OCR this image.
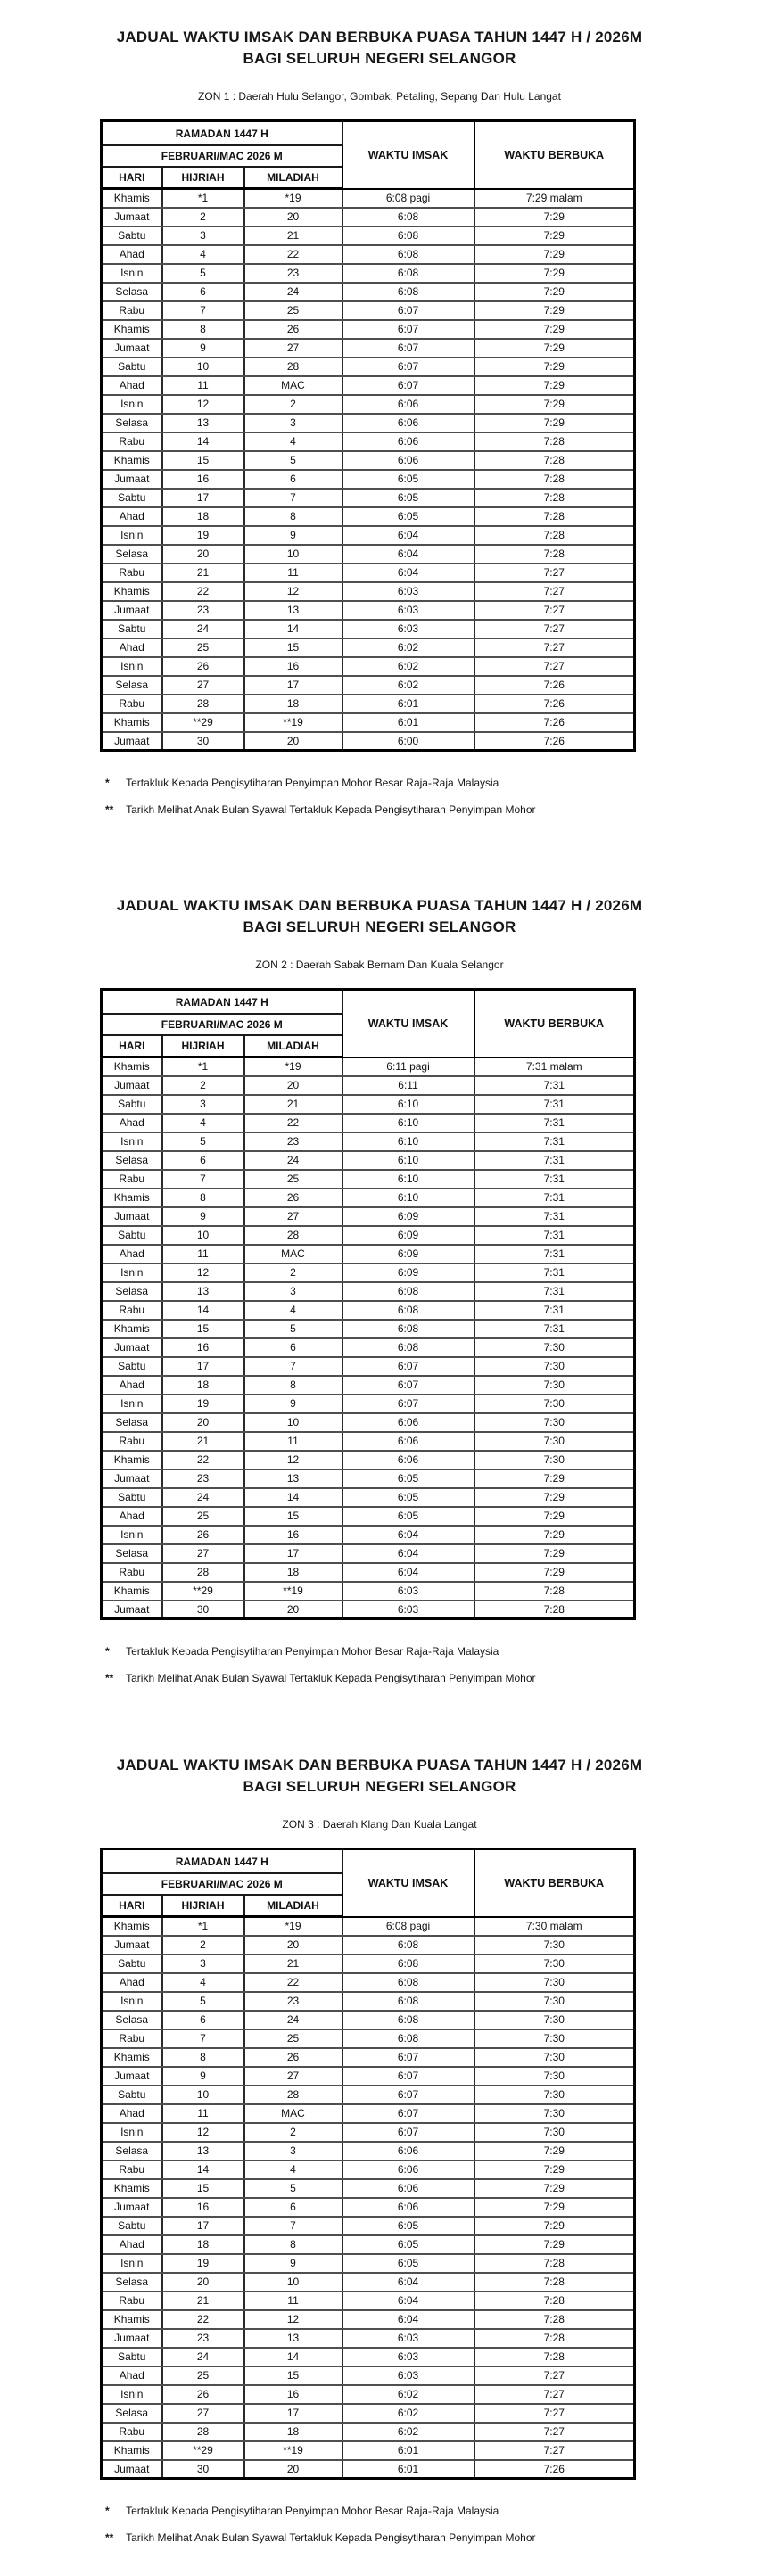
JADUAL WAKTU IMSAK DAN BERBUKA PUASA TAHUN 1447 H / 2026M
BAGI SELURUH NEGERI SELANGOR
ZON 1 : Daerah Hulu Selangor, Gombak, Petaling, Sepang Dan Hulu Langat
RAMADAN 1447 H			WAKTU IMSAK	WAKTU BERBUKA
FEBRUARI/MAC 2026 M				
HARI	HIJRIAH	MILADIAH		
Khamis	*1	*19	6:08 pagi	7:29 malam
Jumaat	2	20	6:08	7:29
Sabtu	3	21	6:08	7:29
Ahad	4	22	6:08	7:29
Isnin	5	23	6:08	7:29
Selasa	6	24	6:08	7:29
Rabu	7	25	6:07	7:29
Khamis	8	26	6:07	7:29
Jumaat	9	27	6:07	7:29
Sabtu	10	28	6:07	7:29
Ahad	11	MAC	6:07	7:29
Isnin	12	2	6:06	7:29
Selasa	13	3	6:06	7:29
Rabu	14	4	6:06	7:28
Khamis	15	5	6:06	7:28
Jumaat	16	6	6:05	7:28
Sabtu	17	7	6:05	7:28
Ahad	18	8	6:05	7:28
Isnin	19	9	6:04	7:28
Selasa	20	10	6:04	7:28
Rabu	21	11	6:04	7:27
Khamis	22	12	6:03	7:27
Jumaat	23	13	6:03	7:27
Sabtu	24	14	6:03	7:27
Ahad	25	15	6:02	7:27
Isnin	26	16	6:02	7:27
Selasa	27	17	6:02	7:26
Rabu	28	18	6:01	7:26
Khamis	**29	**19	6:01	7:26
Jumaat	30	20	6:00	7:26
* Tertakluk Kepada Pengisytiharan Penyimpan Mohor Besar Raja-Raja Malaysia
** Tarikh Melihat Anak Bulan Syawal Tertakluk Kepada Pengisytiharan Penyimpan Mohor
JADUAL WAKTU IMSAK DAN BERBUKA PUASA TAHUN 1447 H / 2026M
BAGI SELURUH NEGERI SELANGOR
ZON 2 : Daerah Sabak Bernam Dan Kuala Selangor
RAMADAN 1447 H			WAKTU IMSAK	WAKTU BERBUKA
FEBRUARI/MAC 2026 M				
HARI	HIJRIAH	MILADIAH		
Khamis	*1	*19	6:11 pagi	7:31 malam
Jumaat	2	20	6:11	7:31
Sabtu	3	21	6:10	7:31
Ahad	4	22	6:10	7:31
Isnin	5	23	6:10	7:31
Selasa	6	24	6:10	7:31
Rabu	7	25	6:10	7:31
Khamis	8	26	6:10	7:31
Jumaat	9	27	6:09	7:31
Sabtu	10	28	6:09	7:31
Ahad	11	MAC	6:09	7:31
Isnin	12	2	6:09	7:31
Selasa	13	3	6:08	7:31
Rabu	14	4	6:08	7:31
Khamis	15	5	6:08	7:31
Jumaat	16	6	6:08	7:30
Sabtu	17	7	6:07	7:30
Ahad	18	8	6:07	7:30
Isnin	19	9	6:07	7:30
Selasa	20	10	6:06	7:30
Rabu	21	11	6:06	7:30
Khamis	22	12	6:06	7:30
Jumaat	23	13	6:05	7:29
Sabtu	24	14	6:05	7:29
Ahad	25	15	6:05	7:29
Isnin	26	16	6:04	7:29
Selasa	27	17	6:04	7:29
Rabu	28	18	6:04	7:29
Khamis	**29	**19	6:03	7:28
Jumaat	30	20	6:03	7:28
* Tertakluk Kepada Pengisytiharan Penyimpan Mohor Besar Raja-Raja Malaysia
** Tarikh Melihat Anak Bulan Syawal Tertakluk Kepada Pengisytiharan Penyimpan Mohor
JADUAL WAKTU IMSAK DAN BERBUKA PUASA TAHUN 1447 H / 2026M
BAGI SELURUH NEGERI SELANGOR
ZON 3 : Daerah Klang Dan Kuala Langat
RAMADAN 1447 H			WAKTU IMSAK	WAKTU BERBUKA
FEBRUARI/MAC 2026 M				
HARI	HIJRIAH	MILADIAH		
Khamis	*1	*19	6:08 pagi	7:30 malam
Jumaat	2	20	6:08	7:30
Sabtu	3	21	6:08	7:30
Ahad	4	22	6:08	7:30
Isnin	5	23	6:08	7:30
Selasa	6	24	6:08	7:30
Rabu	7	25	6:08	7:30
Khamis	8	26	6:07	7:30
Jumaat	9	27	6:07	7:30
Sabtu	10	28	6:07	7:30
Ahad	11	MAC	6:07	7:30
Isnin	12	2	6:07	7:30
Selasa	13	3	6:06	7:29
Rabu	14	4	6:06	7:29
Khamis	15	5	6:06	7:29
Jumaat	16	6	6:06	7:29
Sabtu	17	7	6:05	7:29
Ahad	18	8	6:05	7:29
Isnin	19	9	6:05	7:28
Selasa	20	10	6:04	7:28
Rabu	21	11	6:04	7:28
Khamis	22	12	6:04	7:28
Jumaat	23	13	6:03	7:28
Sabtu	24	14	6:03	7:28
Ahad	25	15	6:03	7:27
Isnin	26	16	6:02	7:27
Selasa	27	17	6:02	7:27
Rabu	28	18	6:02	7:27
Khamis	**29	**19	6:01	7:27
Jumaat	30	20	6:01	7:26
* Tertakluk Kepada Pengisytiharan Penyimpan Mohor Besar Raja-Raja Malaysia
** Tarikh Melihat Anak Bulan Syawal Tertakluk Kepada Pengisytiharan Penyimpan Mohor
